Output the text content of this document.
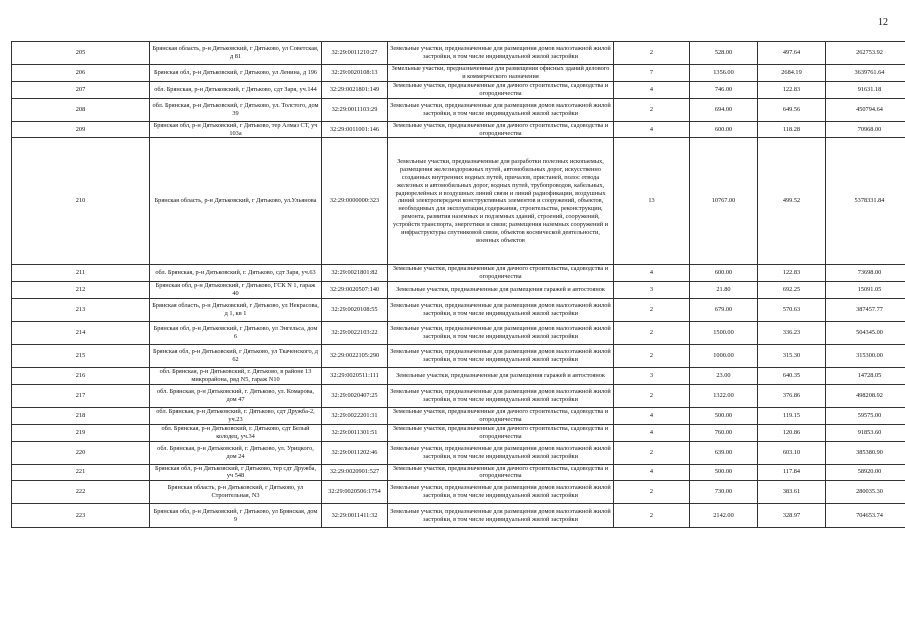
12
205	Брянская область, р-н Дятьковский, г Дятьково, ул Советская, д 81	32:29:0011210:27	Земельные участки, предназначенные для размещения домов малоэтажной жилой застройки, в том числе индивидуальной жилой застройки	2	528.00	497.64	262753.92
206	Брянская обл, р-н Дятьковский, г Дятьково, ул Ленина, д 196	32:29:0020108:13	Земельные участки, предназначенные для размещения офисных зданий делового и коммерческого назначения	7	1356.00	2684.19	3639761.64
207	обл. Брянская, р-н Дятьковский, г Дятьково, сдт Заря, уч.144	32:29:0021801:149	Земельные участки, предназначенные для дачного строительства, садоводства и огородничества	4	746.00	122.83	91631.18
208	обл. Брянская, р-н Дятьковский, г Дятьково, ул. Толстого, дом 39	32:29:0011103:29	Земельные участки, предназначенные для размещения домов малоэтажной жилой застройки, в том числе индивидуальной жилой застройки	2	694.00	649.56	450794.64
209	Брянская обл, р-н Дятьковский, г Дятьково, тер Алмаз СТ, уч 103а	32:29:0011001:146	Земельные участки, предназначенные для дачного строительства, садоводства и огородничества	4	600.00	118.28	70968.00
210	Брянская область, р-н Дятьковский, г Дятьково, ул.Ульянова	32:29:0000000:323	Земельные участки, предназначенные для разработки полезных ископаемых, размещения железнодорожных путей, автомобильных дорог, искусственно созданных внутренних водных путей, причалов, пристаней, полос отвода железных и автомобильных дорог, водных путей, трубопроводов, кабельных, радиорелейных и воздушных линий связи и линий радиофикации, воздушных линий электропередачи конструктивных элементов и сооружений, объектов, необходимых для эксплуатации,содержания, строительства, реконструкции, ремонта, развития наземных и подземных зданий, строений, сооружений, устройств транспорта, энергетики и связи; размещения наземных сооружений и инфраструктуры спутниковой связи, объектов космической деятельности, военных объектов	13	10767.00	499.52	5378331.84
211	обл. Брянская, р-н Дятьковский, г. Дятьково, сдт Заря, уч.63	32:29:0021801:82	Земельные участки, предназначенные для дачного строительства, садоводства и огородничества	4	600.00	122.83	73698.00
212	Брянская обл, р-н Дятьковский, г Дятьково, ГСК N 1, гараж 40	32:29:0020507:140	Земельные участки, предназначенные для размещения гаражей и автостоянок	3	21.80	692.25	15091.05
213	Брянская область, р-н Дятьковский, г Дятьково, ул Некрасова, д 1, кв 1	32:29:0020108:55	Земельные участки, предназначенные для размещения домов малоэтажной жилой застройки, в том числе индивидуальной жилой застройки	2	679.00	570.63	387457.77
214	Брянская обл, р-н Дятьковский, г Дятьково, ул Энгельса, дом 6	32:29:0022103:22	Земельные участки, предназначенные для размещения домов малоэтажной жилой застройки, в том числе индивидуальной жилой застройки	2	1500.00	336.23	504345.00
215	Брянская обл, р-н Дятьковский, г Дятьково, ул Ткаченского, д 62	32:29:0022105:290	Земельные участки, предназначенные для размещения домов малоэтажной жилой застройки, в том числе индивидуальной жилой застройки	2	1000.00	315.30	315300.00
216	обл. Брянская, р-н Дятьковский, г. Дятьково, в районе 13 микрорайона, ряд N5, гараж N10	32:29:0020511:111	Земельные участки, предназначенные для размещения гаражей и автостоянок	3	23.00	640.35	14728.05
217	обл. Брянская, р-н Дятьковский, г. Дятьково, ул. Комарова, дом 47	32:29:0020407:25	Земельные участки, предназначенные для размещения домов малоэтажной жилой застройки, в том числе индивидуальной жилой застройки	2	1322.00	376.86	498208.92
218	обл. Брянская, р-н Дятьковский, г. Дятьково, сдт Дружба-2, уч.23	32:29:0022201:31	Земельные участки, предназначенные для дачного строительства, садоводства и огородничества	4	500.00	119.15	59575.00
219	обл. Брянская, р-н Дятьковский, г. Дятьково, сдт Белый колодец, уч.34	32:29:0011301:51	Земельные участки, предназначенные для дачного строительства, садоводства и огородничества	4	760.00	120.86	91853.60
220	обл. Брянская, р-н Дятьковский, г. Дятьково, ул. Урицкого, дом 24	32:29:0011202:46	Земельные участки, предназначенные для размещения домов малоэтажной жилой застройки, в том числе индивидуальной жилой застройки	2	639.00	603.10	385380.90
221	Брянская обл, р-н Дятьковский, г Дятьково, тер сдт Дружба, уч 548	32:29:0020901:527	Земельные участки, предназначенные для дачного строительства, садоводства и огородничества	4	500.00	117.84	58920.00
222	Брянская область, р-н Дятьковский, г Дятьково, ул Строительная, N3	32:29:0020506:1754	Земельные участки, предназначенные для размещения домов малоэтажной жилой застройки, в том числе индивидуальной жилой застройки	2	730.00	383.61	280035.30
223	Брянская обл, р-н Дятьковский, г Дятьково, ул Брянская, дом 9	32:29:0011411:32	Земельные участки, предназначенные для размещения домов малоэтажной жилой застройки, в том числе индивидуальной жилой застройки	2	2142.00	328.97	704653.74
